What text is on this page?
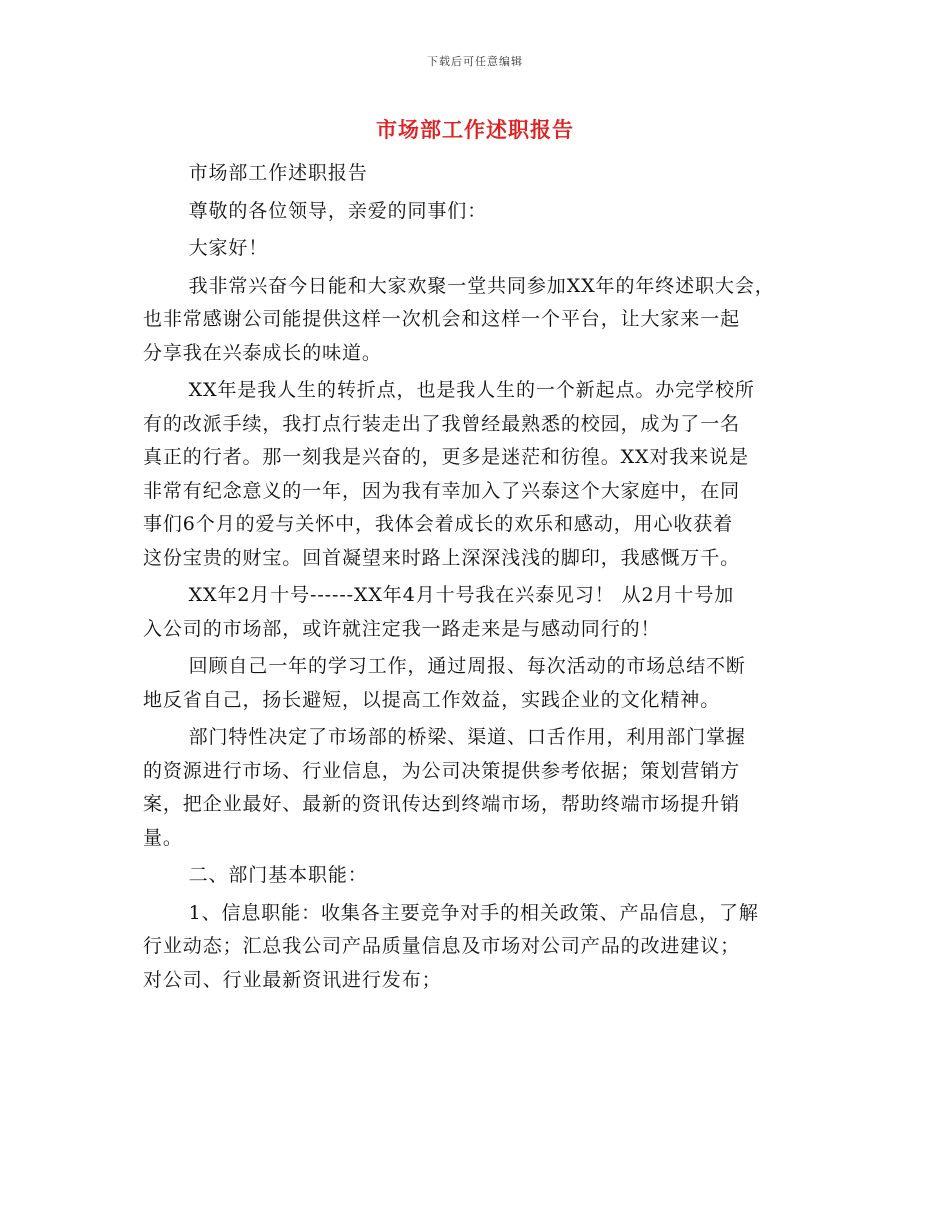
下载后可任意编辑
市场部工作述职报告
市场部工作述职报告
尊敬的各位领导，亲爱的同事们：
大家好！
我非常兴奋今日能和大家欢聚一堂共同参加XX年的年终述职大会，
也非常感谢公司能提供这样一次机会和这样一个平台，让大家来一起
分享我在兴泰成长的味道。
XX年是我人生的转折点，也是我人生的一个新起点。办完学校所
有的改派手续，我打点行装走出了我曾经最熟悉的校园，成为了一名
真正的行者。那一刻我是兴奋的，更多是迷茫和彷徨。XX对我来说是
非常有纪念意义的一年，因为我有幸加入了兴泰这个大家庭中，在同
事们6个月的爱与关怀中，我体会着成长的欢乐和感动，用心收获着
这份宝贵的财宝。回首凝望来时路上深深浅浅的脚印，我感慨万千。
XX年2月十号------XX年4月十号我在兴泰见习！ 从2月十号加
入公司的市场部，或许就注定我一路走来是与感动同行的！
回顾自己一年的学习工作，通过周报、每次活动的市场总结不断
地反省自己，扬长避短，以提高工作效益，实践企业的文化精神。
部门特性决定了市场部的桥梁、渠道、口舌作用，利用部门掌握
的资源进行市场、行业信息，为公司决策提供参考依据；策划营销方
案，把企业最好、最新的资讯传达到终端市场，帮助终端市场提升销
量。
二、部门基本职能：
1、信息职能：收集各主要竞争对手的相关政策、产品信息，了解
行业动态；汇总我公司产品质量信息及市场对公司产品的改进建议；
对公司、行业最新资讯进行发布；
